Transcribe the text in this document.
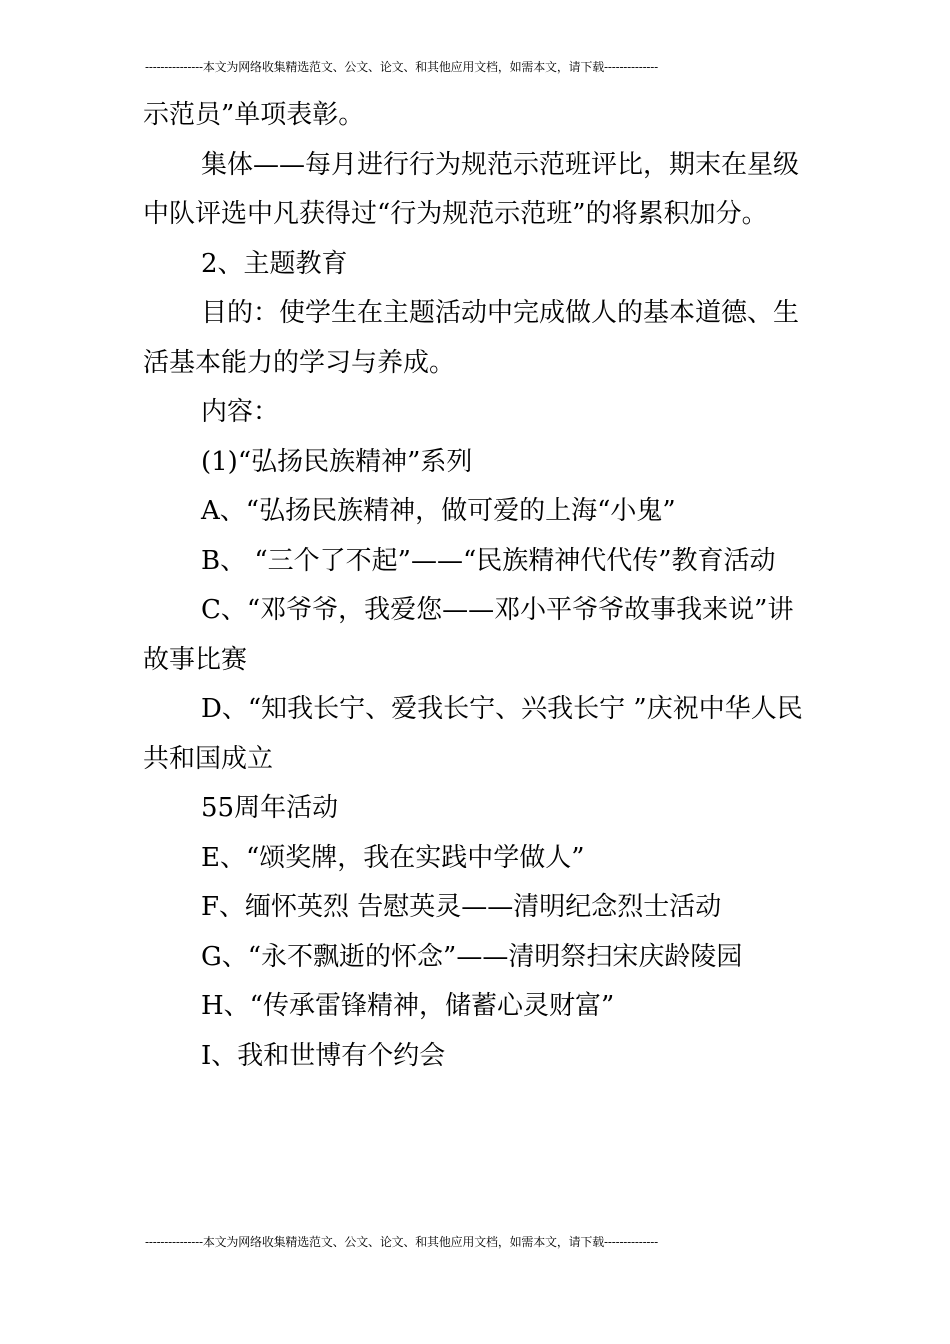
---------------本文为网络收集精选范文、公文、论文、和其他应用文档，如需本文，请下载--------------

示范员”单项表彰。

集体——每月进行行为规范示范班评比，期末在星级中队评选中凡获得过“行为规范示范班”的将累积加分。

2、主题教育

目的：使学生在主题活动中完成做人的基本道德、生活基本能力的学习与养成。

内容：

(1)“弘扬民族精神”系列

A、“弘扬民族精神，做可爱的上海“小鬼”

B、 “三个了不起”——“民族精神代代传”教育活动

C、“邓爷爷，我爱您——邓小平爷爷故事我来说”讲故事比赛

D、“知我长宁、爱我长宁、兴我长宁 ”庆祝中华人民共和国成立

55周年活动

E、“颂奖牌，我在实践中学做人”

F、缅怀英烈 告慰英灵——清明纪念烈士活动

G、“永不飘逝的怀念”——清明祭扫宋庆龄陵园

H、“传承雷锋精神，储蓄心灵财富”

I、我和世博有个约会

---------------本文为网络收集精选范文、公文、论文、和其他应用文档，如需本文，请下载--------------
